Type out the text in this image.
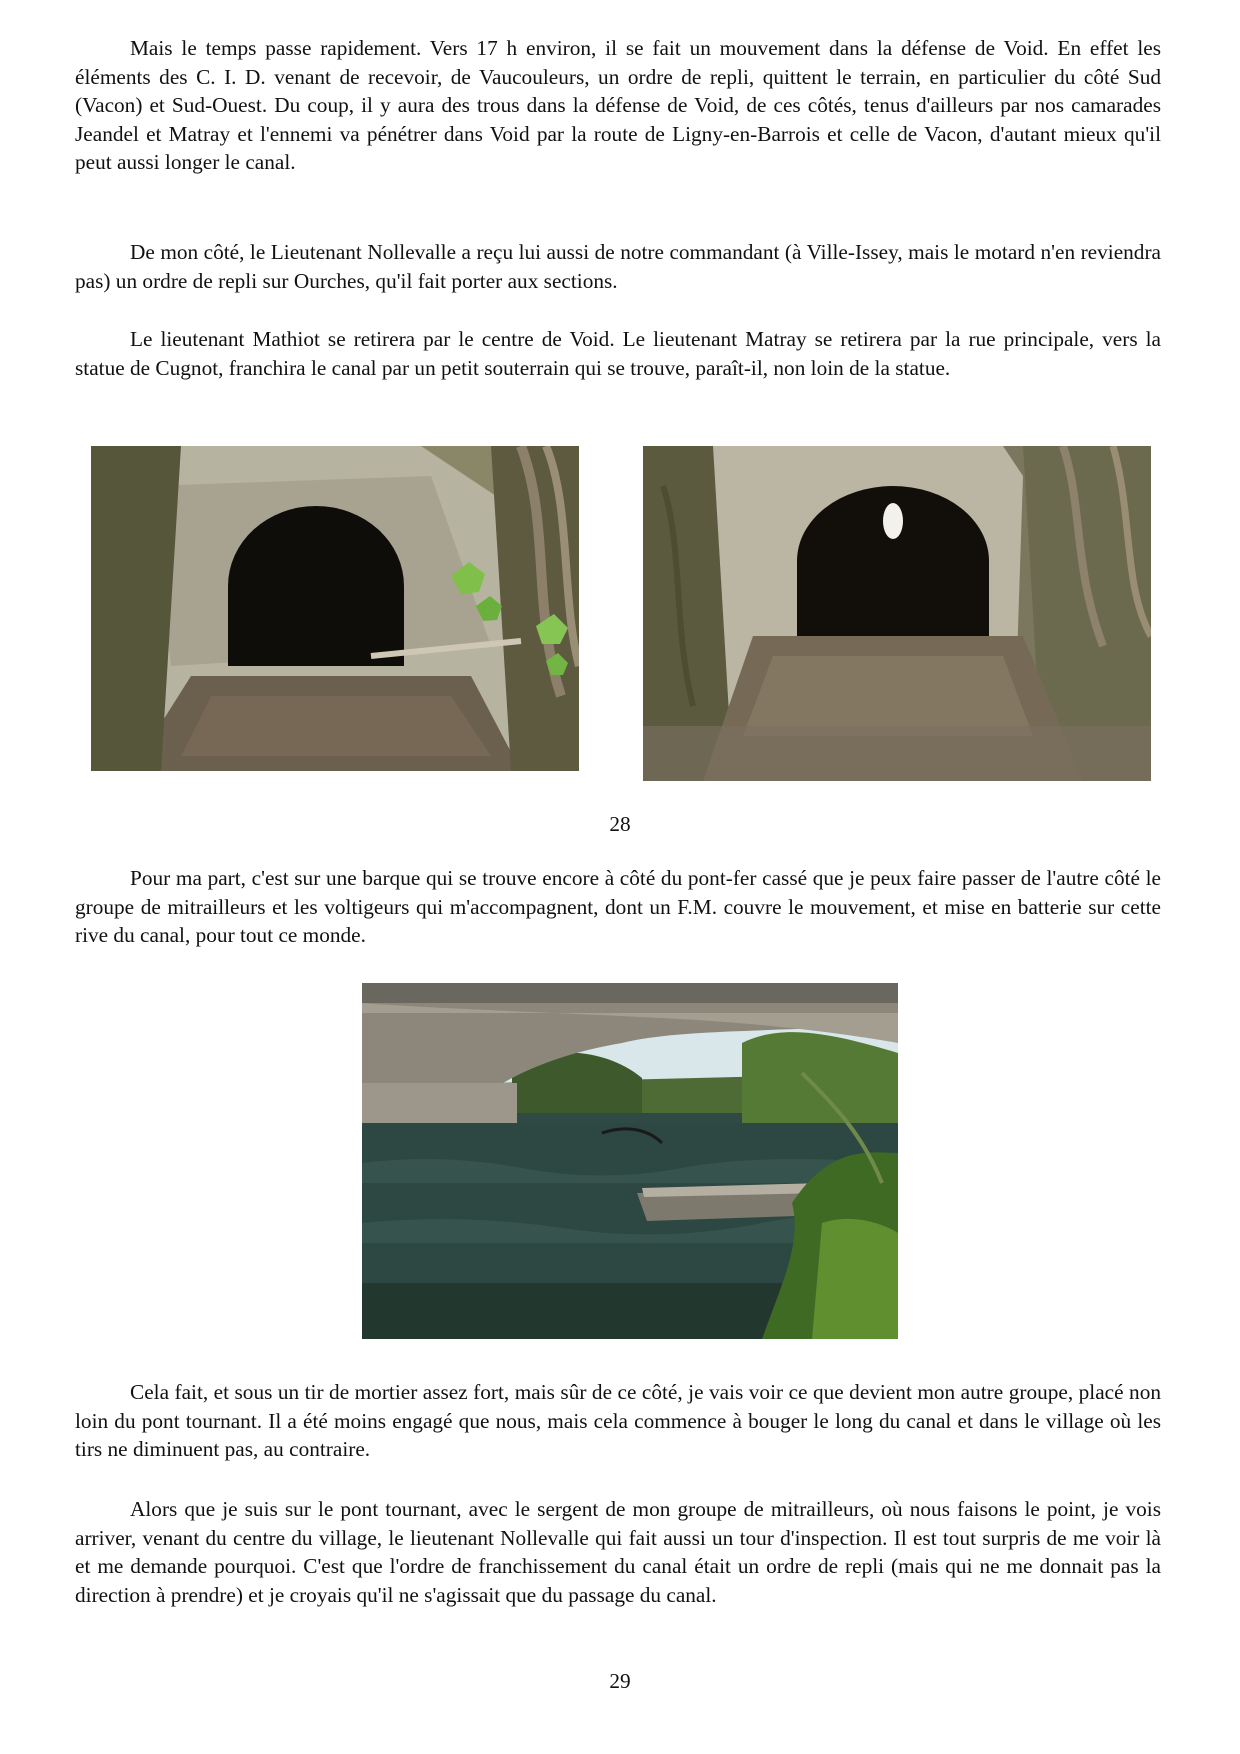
Mais le temps passe rapidement. Vers 17 h environ, il se fait un mouvement dans la défense de Void. En effet les éléments des C. I. D. venant de recevoir, de Vaucouleurs, un ordre de repli, quittent le terrain, en particulier du côté Sud (Vacon) et Sud-Ouest. Du coup, il y aura des trous dans la défense de Void, de ces côtés, tenus d'ailleurs par nos camarades Jeandel et Matray et l'ennemi va pénétrer dans Void par la route de Ligny-en-Barrois et celle de Vacon, d'autant mieux qu'il peut aussi longer le canal.

De mon côté, le Lieutenant Nollevalle a reçu lui aussi de notre commandant (à Ville-Issey, mais le motard n'en reviendra pas) un ordre de repli sur Ourches, qu'il fait porter aux sections.

Le lieutenant Mathiot se retirera par le centre de Void. Le lieutenant Matray se retirera par la rue principale, vers la statue de Cugnot, franchira le canal par un petit souterrain qui se trouve, paraît-il, non loin de la statue.

28

Pour ma part, c'est sur une barque qui se trouve encore à côté du pont-fer cassé que je peux faire passer de l'autre côté le groupe de mitrailleurs et les voltigeurs qui m'accompagnent, dont un F.M. couvre le mouvement, et mise en batterie sur cette rive du canal, pour tout ce monde.

Cela fait, et sous un tir de mortier assez fort, mais sûr de ce côté, je vais voir ce que devient mon autre groupe, placé non loin du pont tournant. Il a été moins engagé que nous, mais cela commence à bouger le long du canal et dans le village où les tirs ne diminuent pas, au contraire.

Alors que je suis sur le pont tournant, avec le sergent de mon groupe de mitrailleurs, où nous faisons le point, je vois arriver, venant du centre du village, le lieutenant Nollevalle qui fait aussi un tour d'inspection. Il est tout surpris de me voir là et me demande pourquoi. C'est que l'ordre de franchissement du canal était un ordre de repli (mais qui ne me donnait pas la direction à prendre) et je croyais qu'il ne s'agissait que du passage du canal.

29
